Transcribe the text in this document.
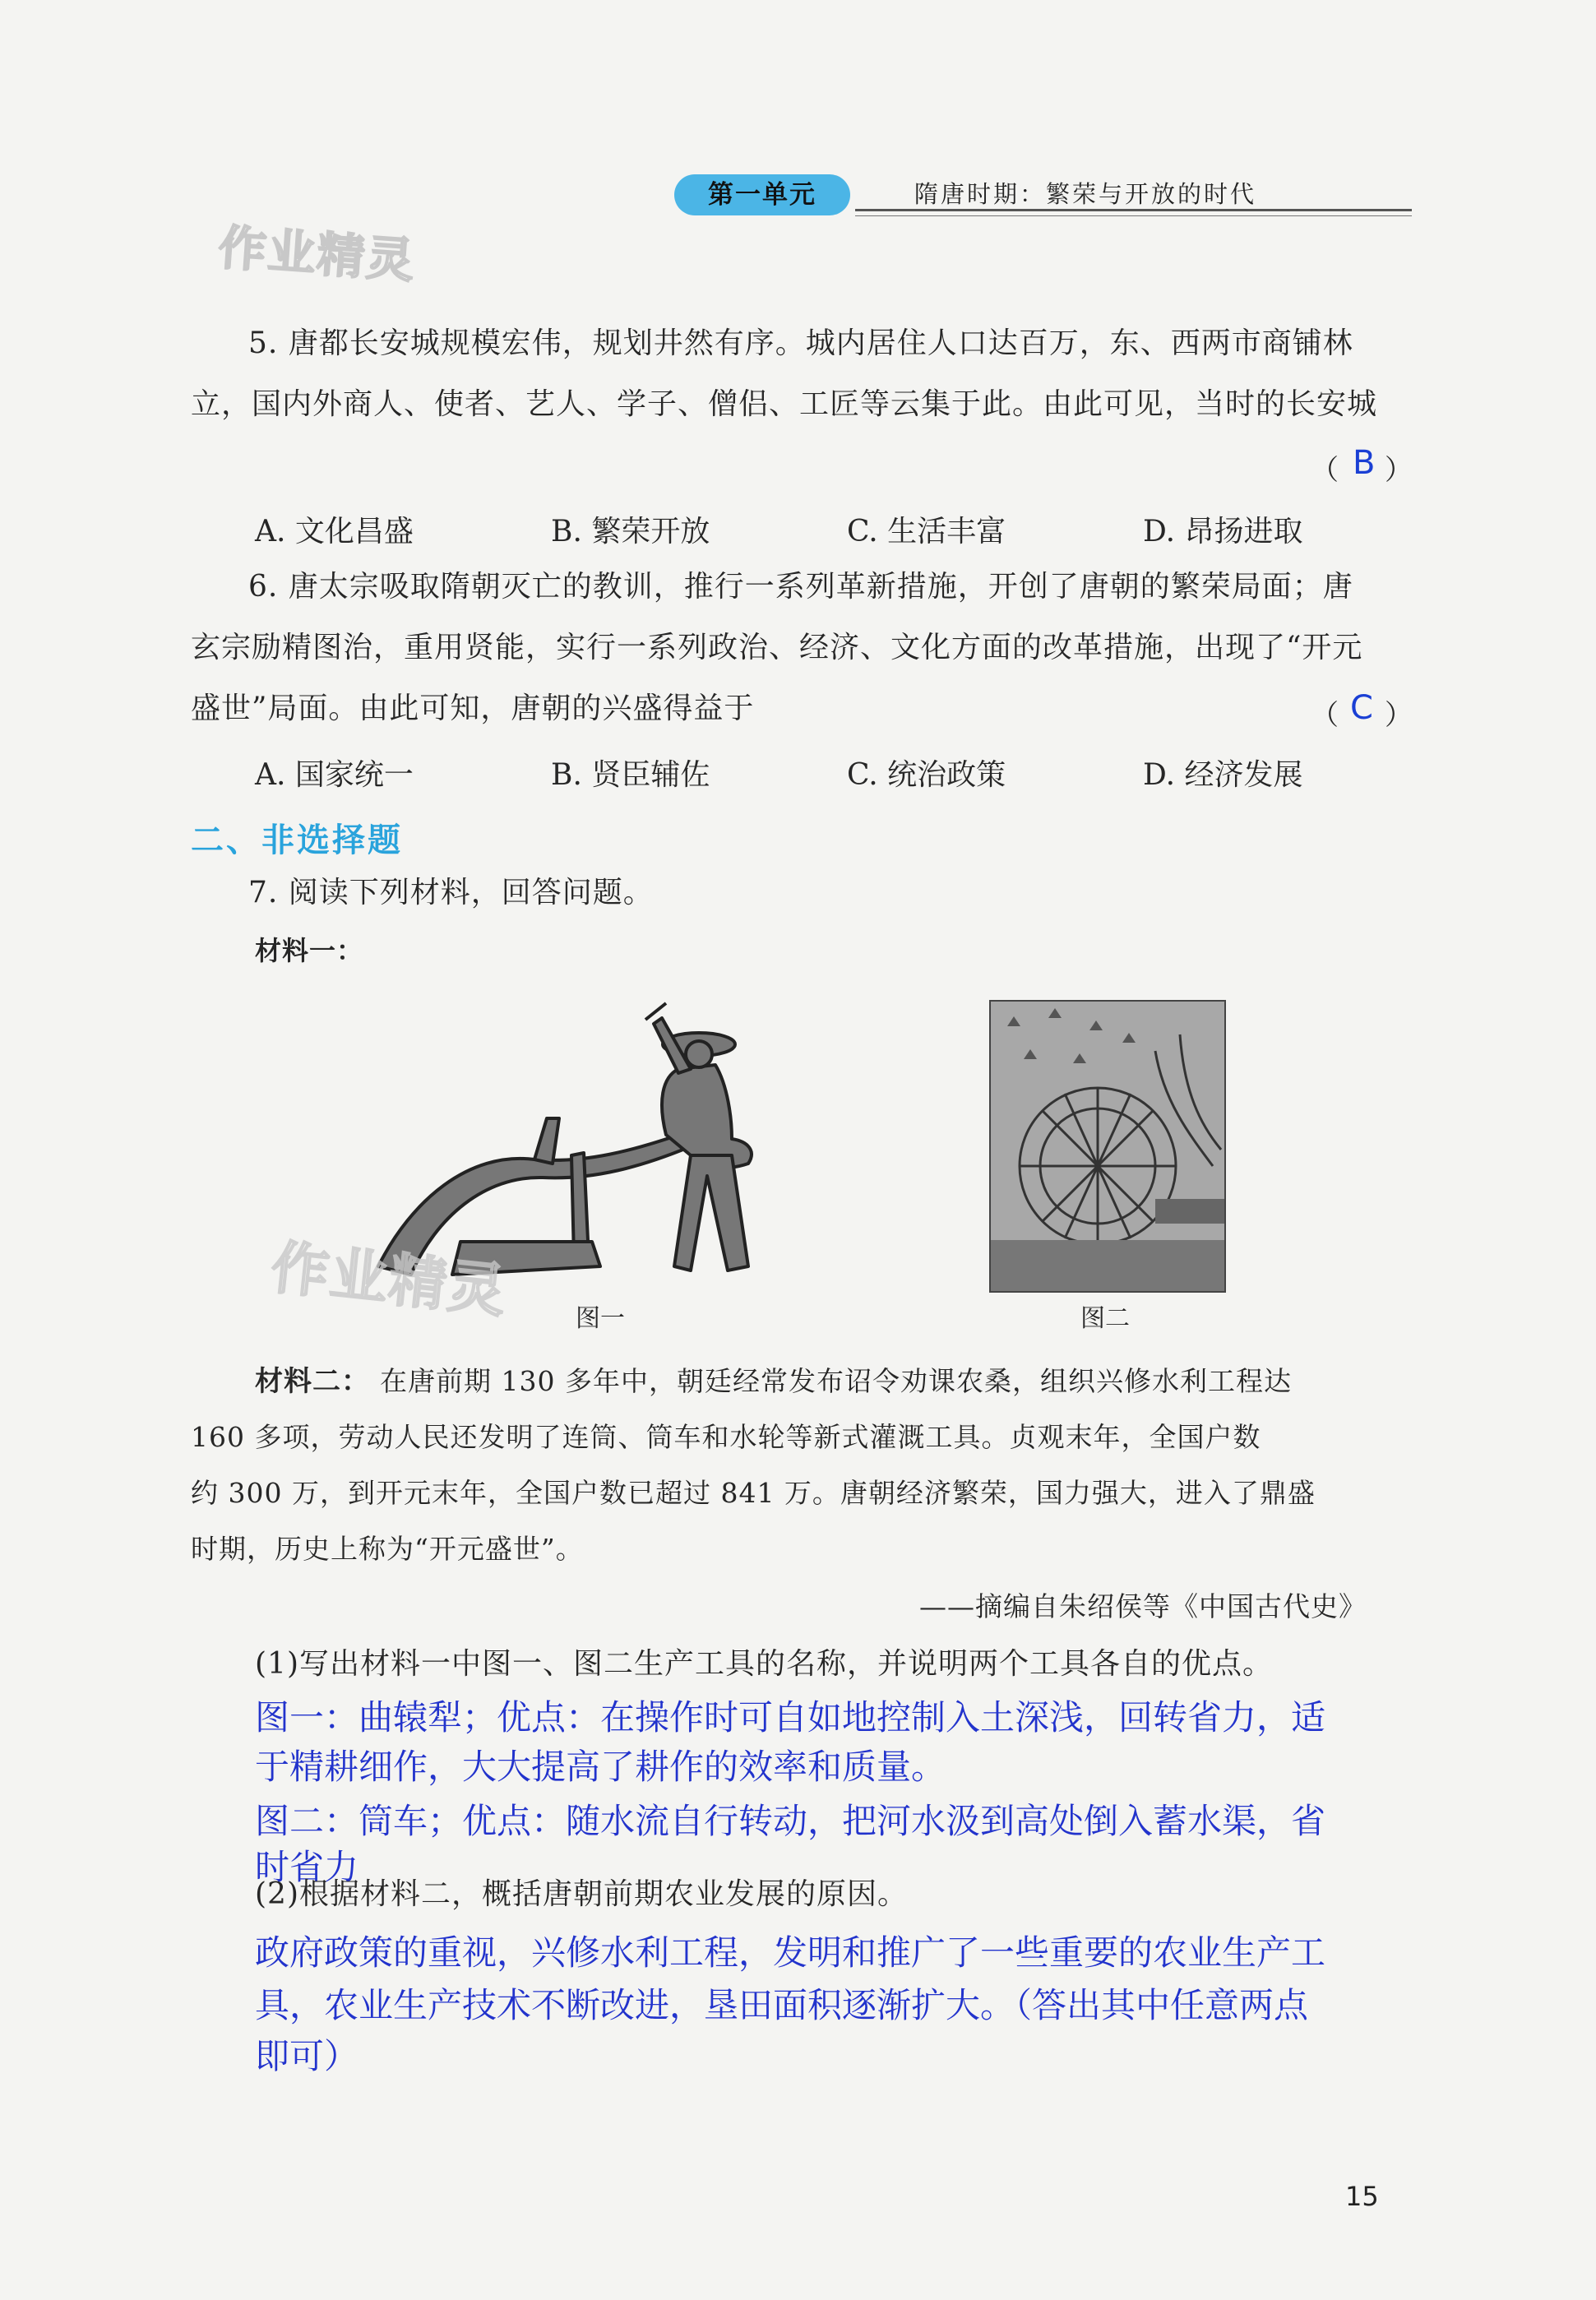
第一单元	隋唐时期：繁荣与开放的时代
作业精灵
5. 唐都长安城规模宏伟，规划井然有序。城内居住人口达百万，东、西两市商铺林
立，国内外商人、使者、艺人、学子、僧侣、工匠等云集于此。由此可见，当时的长安城
（ B ）
A. 文化昌盛	B. 繁荣开放	C. 生活丰富	D. 昂扬进取
6. 唐太宗吸取隋朝灭亡的教训，推行一系列革新措施，开创了唐朝的繁荣局面；唐
玄宗励精图治，重用贤能，实行一系列政治、经济、文化方面的改革措施，出现了“开元
盛世”局面。由此可知，唐朝的兴盛得益于	（ C ）
A. 国家统一	B. 贤臣辅佐	C. 统治政策	D. 经济发展
二、非选择题
7. 阅读下列材料，回答问题。
材料一：
作业精灵	图一	图二
材料二： 在唐前期 130 多年中，朝廷经常发布诏令劝课农桑，组织兴修水利工程达
160 多项，劳动人民还发明了连筒、筒车和水轮等新式灌溉工具。贞观末年，全国户数
约 300 万，到开元末年，全国户数已超过 841 万。唐朝经济繁荣，国力强大，进入了鼎盛
时期，历史上称为“开元盛世”。
——摘编自朱绍侯等《中国古代史》
(1)写出材料一中图一、图二生产工具的名称，并说明两个工具各自的优点。
图一：曲辕犁；优点：在操作时可自如地控制入土深浅，回转省力，适
于精耕细作，大大提高了耕作的效率和质量。
图二：筒车；优点：随水流自行转动，把河水汲到高处倒入蓄水渠，省
时省力
(2)根据材料二，概括唐朝前期农业发展的原因。
政府政策的重视，兴修水利工程，发明和推广了一些重要的农业生产工
具，农业生产技术不断改进，垦田面积逐渐扩大。（答出其中任意两点
即可）
15
